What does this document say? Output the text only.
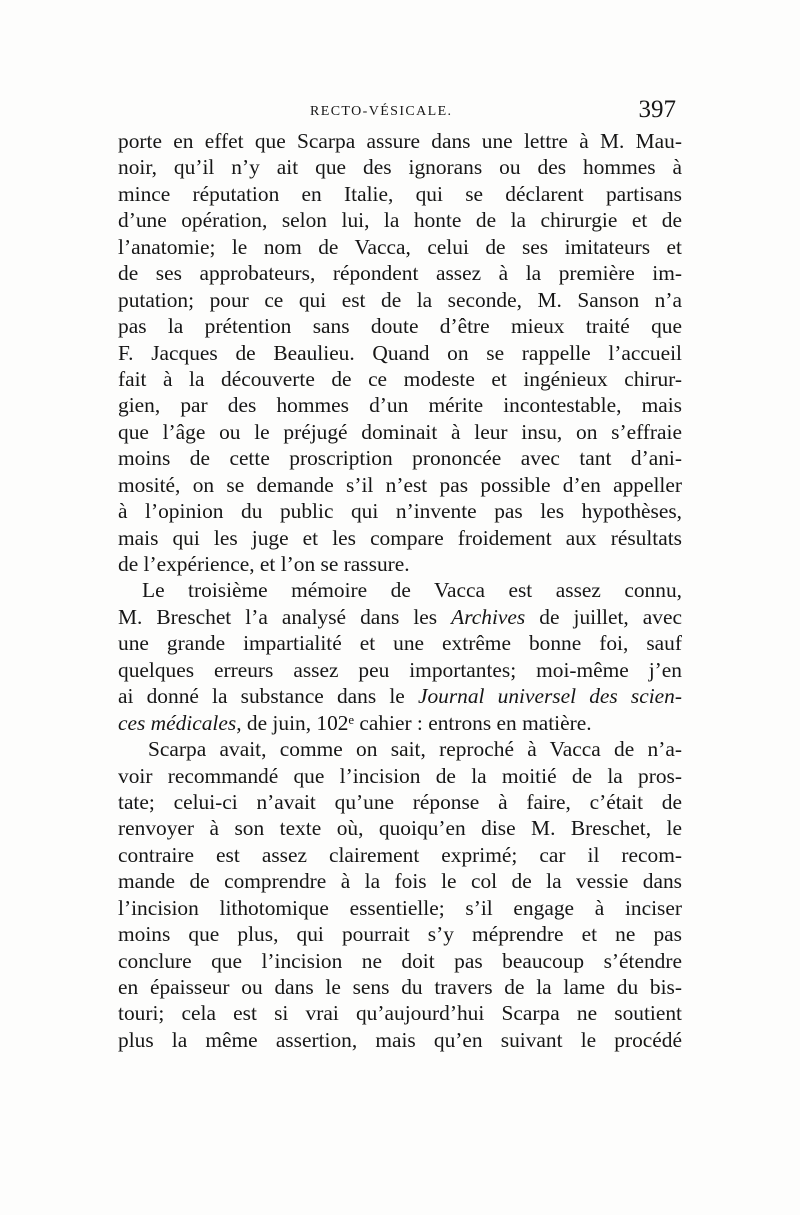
RECTO-VÉSICALE.	397
porte en effet que Scarpa assure dans une lettre à M. Mau-
noir, qu’il n’y ait que des ignorans ou des hommes à
mince réputation en Italie, qui se déclarent partisans
d’une opération, selon lui, la honte de la chirurgie et de
l’anatomie; le nom de Vacca, celui de ses imitateurs et
de ses approbateurs, répondent assez à la première im-
putation; pour ce qui est de la seconde, M. Sanson n’a
pas la prétention sans doute d’être mieux traité que
F. Jacques de Beaulieu. Quand on se rappelle l’accueil
fait à la découverte de ce modeste et ingénieux chirur-
gien, par des hommes d’un mérite incontestable, mais
que l’âge ou le préjugé dominait à leur insu, on s’effraie
moins de cette proscription prononcée avec tant d’ani-
mosité, on se demande s’il n’est pas possible d’en appeller
à l’opinion du public qui n’invente pas les hypothèses,
mais qui les juge et les compare froidement aux résultats
de l’expérience, et l’on se rassure.
Le troisième mémoire de Vacca est assez connu,
M. Breschet l’a analysé dans les Archives de juillet, avec
une grande impartialité et une extrême bonne foi, sauf
quelques erreurs assez peu importantes; moi-même j’en
ai donné la substance dans le Journal universel des scien-
ces médicales, de juin, 102ᵉ cahier : entrons en matière.
Scarpa avait, comme on sait, reproché à Vacca de n’a-
voir recommandé que l’incision de la moitié de la pros-
tate; celui-ci n’avait qu’une réponse à faire, c’était de
renvoyer à son texte où, quoiqu’en dise M. Breschet, le
contraire est assez clairement exprimé; car il recom-
mande de comprendre à la fois le col de la vessie dans
l’incision lithotomique essentielle; s’il engage à inciser
moins que plus, qui pourrait s’y méprendre et ne pas
conclure que l’incision ne doit pas beaucoup s’étendre
en épaisseur ou dans le sens du travers de la lame du bis-
touri; cela est si vrai qu’aujourd’hui Scarpa ne soutient
plus la même assertion, mais qu’en suivant le procédé
